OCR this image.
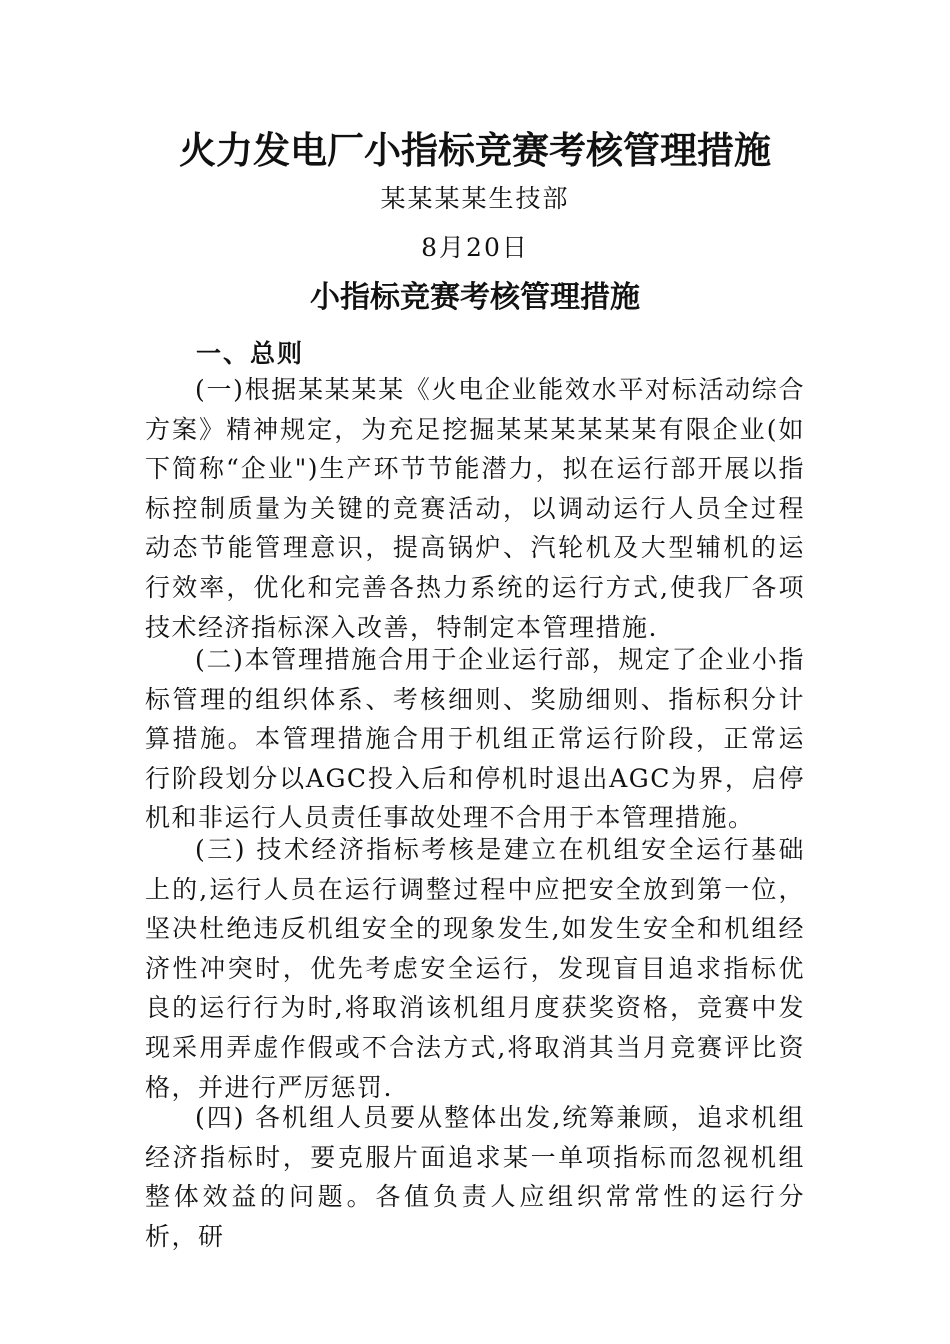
火力发电厂小指标竞赛考核管理措施
某某某某生技部
8月20日
小指标竞赛考核管理措施
一、总则

(一)根据某某某某《火电企业能效水平对标活动综合方案》精神规定，为充足挖掘某某某某某某有限企业(如下简称“企业")生产环节节能潜力，拟在运行部开展以指标控制质量为关键的竞赛活动，以调动运行人员全过程动态节能管理意识，提高锅炉、汽轮机及大型辅机的运行效率，优化和完善各热力系统的运行方式,使我厂各项技术经济指标深入改善，特制定本管理措施.

(二)本管理措施合用于企业运行部，规定了企业小指标管理的组织体系、考核细则、奖励细则、指标积分计算措施。本管理措施合用于机组正常运行阶段，正常运行阶段划分以AGC投入后和停机时退出AGC为界，启停机和非运行人员责任事故处理不合用于本管理措施。

(三) 技术经济指标考核是建立在机组安全运行基础上的,运行人员在运行调整过程中应把安全放到第一位，坚决杜绝违反机组安全的现象发生,如发生安全和机组经济性冲突时，优先考虑安全运行，发现盲目追求指标优良的运行行为时,将取消该机组月度获奖资格，竞赛中发现采用弄虚作假或不合法方式,将取消其当月竞赛评比资格，并进行严厉惩罚.

(四) 各机组人员要从整体出发,统筹兼顾，追求机组经济指标时，要克服片面追求某一单项指标而忽视机组整体效益的问题。各值负责人应组织常常性的运行分析，研
